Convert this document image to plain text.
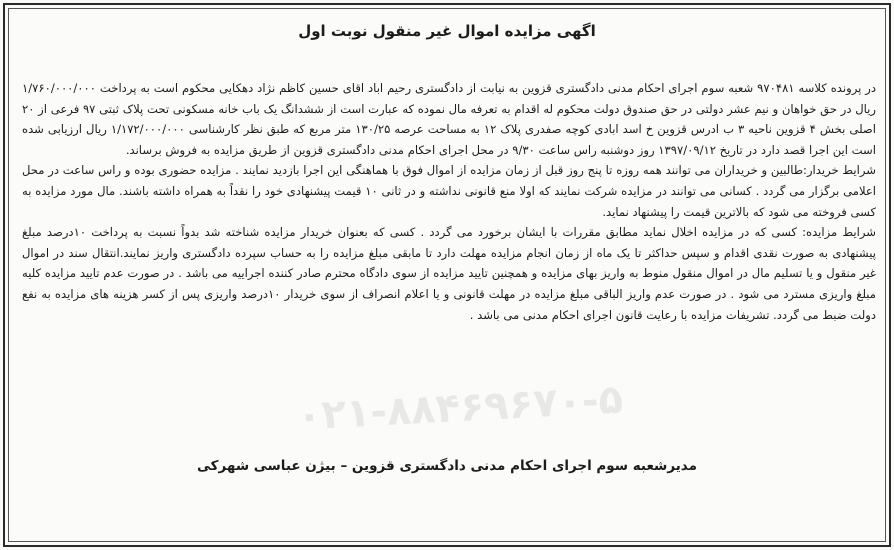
۰۲۱-۸۸۴۶۹۶۷۰-۵
اگهی مزایده اموال غیر منقول نوبت اول

در پرونده کلاسه ۹۷۰۴۸۱ شعبه سوم اجرای احکام مدنی دادگستری قزوین به نیابت از دادگستری رحیم اباد اقای حسین کاظم نژاد دهکایی محکوم است به پرداخت ۱/۷۶۰/۰۰۰/۰۰۰ ریال در حق خواهان و نیم عشر دولتی در حق صندوق دولت محکوم له اقدام به تعرفه مال نموده که عبارت است از ششدانگ یک باب خانه مسکونی تحت پلاک ثبتی ۹۷ فرعی از ۲۰ اصلی بخش ۴ قزوین ناحیه ۳ ب ادرس قزوین خ اسد ابادی کوچه صفدری پلاک ۱۲ به مساحت عرصه ۱۳۰/۲۵ متر مربع که طبق نظر کارشناسی ۱/۱۷۲/۰۰۰/۰۰۰ ریال ارزیابی شده است این اجرا قصد دارد در تاریخ ۱۳۹۷/۰۹/۱۲ روز دوشنبه راس ساعت ۹/۳۰ در محل اجرای احکام مدنی دادگستری قزوین از طریق مزایده به فروش برساند.

شرایط خریدار:طالبین و خریداران می توانند همه روزه تا پنج روز قبل از زمان مزایده از اموال فوق با هماهنگی این اجرا بازدید نمایند . مزایده حضوری بوده و راس ساعت در محل اعلامی برگزار می گردد . کسانی می توانند در مزایده شرکت نمایند که اولا منع قانونی نداشته و در ثانی ۱۰ قیمت پیشنهادی خود را نقداً به همراه داشته باشند. مال مورد مزایده به کسی فروخته می شود که بالاترین قیمت را پیشنهاد نماید.

شرایط مزایده: کسی که در مزایده اخلال نماید مطابق مقررات با ایشان برخورد می گردد . کسی که بعنوان خریدار مزایده شناخته شد بدواً نسبت به پرداخت ۱۰درصد مبلغ پیشنهادی به صورت نقدی اقدام و سپس حداکثر تا یک ماه از زمان انجام مزایده مهلت دارد تا مابقی مبلغ مزایده را به حساب سپرده دادگستری واریز نمایند.انتقال سند در اموال غیر منقول و یا تسلیم مال در اموال منقول منوط به واریز بهای مزایده و همچنین تایید مزایده از سوی دادگاه محترم صادر کننده اجراییه می باشد . در صورت عدم تایید مزایده کلیه مبلغ واریزی مسترد می شود . در صورت عدم واریز الباقی مبلغ مزایده در مهلت قانونی و یا اعلام انصراف از سوی خریدار ۱۰درصد واریزی پس از کسر هزینه های مزایده به نفع دولت ضبط می گردد. تشریفات مزایده با رعایت قانون اجرای احکام مدنی می باشد .

مدیرشعبه سوم اجرای احکام مدنی دادگستری قزوین – بیژن عباسی شهرکی
